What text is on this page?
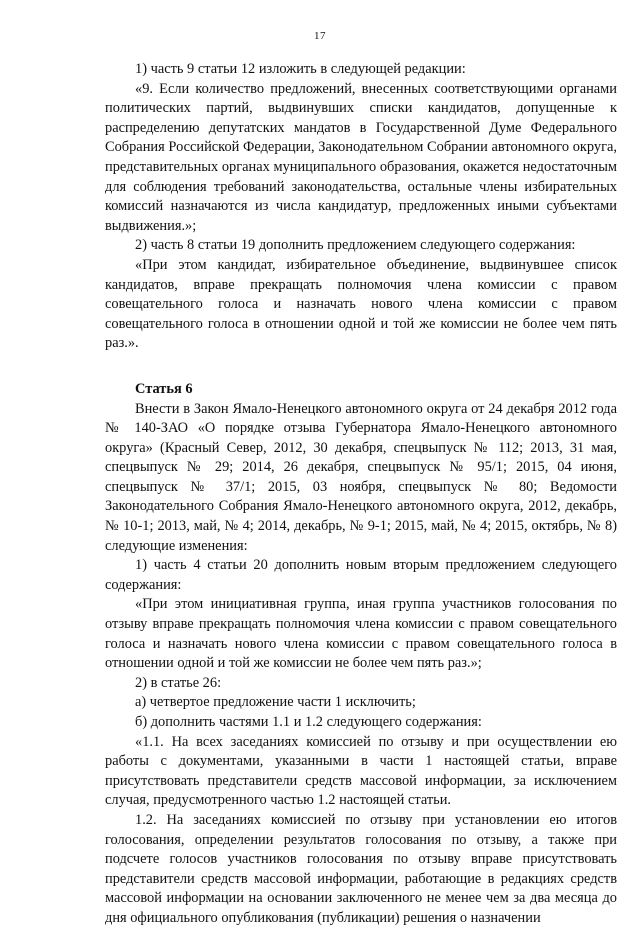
17

1) часть 9 статьи 12 изложить в следующей редакции:

«9. Если количество предложений, внесенных соответствующими органами политических партий, выдвинувших списки кандидатов, допущенные к распределению депутатских мандатов в Государственной Думе Федерального Собрания Российской Федерации, Законодательном Собрании автономного округа, представительных органах муниципального образования, окажется недостаточным для соблюдения требований законодательства, остальные члены избирательных комиссий назначаются из числа кандидатур, предложенных иными субъектами выдвижения.»;

2) часть 8 статьи 19 дополнить предложением следующего содержания:

«При этом кандидат, избирательное объединение, выдвинувшее список кандидатов, вправе прекращать полномочия члена комиссии с правом совещательного голоса и назначать нового члена комиссии с правом совещательного голоса в отношении одной и той же комиссии не более чем пять раз.».

Статья 6

Внести в Закон Ямало-Ненецкого автономного округа от 24 декабря 2012 года № 140-ЗАО «О порядке отзыва Губернатора Ямало-Ненецкого автономного округа» (Красный Север, 2012, 30 декабря, спецвыпуск № 112; 2013, 31 мая, спецвыпуск № 29; 2014, 26 декабря, спецвыпуск № 95/1; 2015, 04 июня, спецвыпуск № 37/1; 2015, 03 ноября, спецвыпуск № 80; Ведомости Законодательного Собрания Ямало-Ненецкого автономного округа, 2012, декабрь, № 10-1; 2013, май, № 4; 2014, декабрь, № 9-1; 2015, май, № 4; 2015, октябрь, № 8) следующие изменения:

1) часть 4 статьи 20 дополнить новым вторым предложением следующего содержания:

«При этом инициативная группа, иная группа участников голосования по отзыву вправе прекращать полномочия члена комиссии с правом совещательного голоса и назначать нового члена комиссии с правом совещательного голоса в отношении одной и той же комиссии не более чем пять раз.»;

2) в статье 26:

а) четвертое предложение части 1 исключить;

б) дополнить частями 1.1 и 1.2 следующего содержания:

«1.1. На всех заседаниях комиссией по отзыву и при осуществлении ею работы с документами, указанными в части 1 настоящей статьи, вправе присутствовать представители средств массовой информации, за исключением случая, предусмотренного частью 1.2 настоящей статьи.

1.2. На заседаниях комиссией по отзыву при установлении ею итогов голосования, определении результатов голосования по отзыву, а также при подсчете голосов участников голосования по отзыву вправе присутствовать представители средств массовой информации, работающие в редакциях средств массовой информации на основании заключенного не менее чем за два месяца до дня официального опубликования (публикации) решения о назначении
